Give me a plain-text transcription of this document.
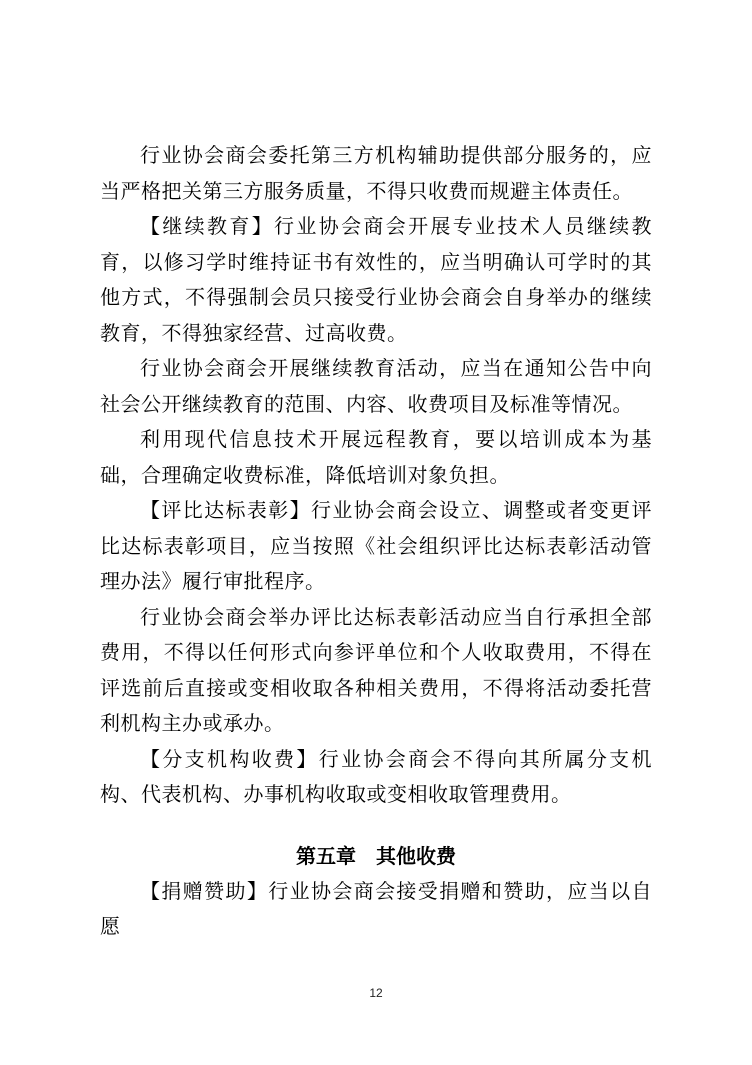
行业协会商会委托第三方机构辅助提供部分服务的，应当严格把关第三方服务质量，不得只收费而规避主体责任。

【继续教育】行业协会商会开展专业技术人员继续教育，以修习学时维持证书有效性的，应当明确认可学时的其他方式，不得强制会员只接受行业协会商会自身举办的继续教育，不得独家经营、过高收费。

行业协会商会开展继续教育活动，应当在通知公告中向社会公开继续教育的范围、内容、收费项目及标准等情况。

利用现代信息技术开展远程教育，要以培训成本为基础，合理确定收费标准，降低培训对象负担。

【评比达标表彰】行业协会商会设立、调整或者变更评比达标表彰项目，应当按照《社会组织评比达标表彰活动管理办法》履行审批程序。

行业协会商会举办评比达标表彰活动应当自行承担全部费用，不得以任何形式向参评单位和个人收取费用，不得在评选前后直接或变相收取各种相关费用，不得将活动委托营利机构主办或承办。

【分支机构收费】行业协会商会不得向其所属分支机构、代表机构、办事机构收取或变相收取管理费用。

第五章　其他收费

【捐赠赞助】行业协会商会接受捐赠和赞助，应当以自愿

12
